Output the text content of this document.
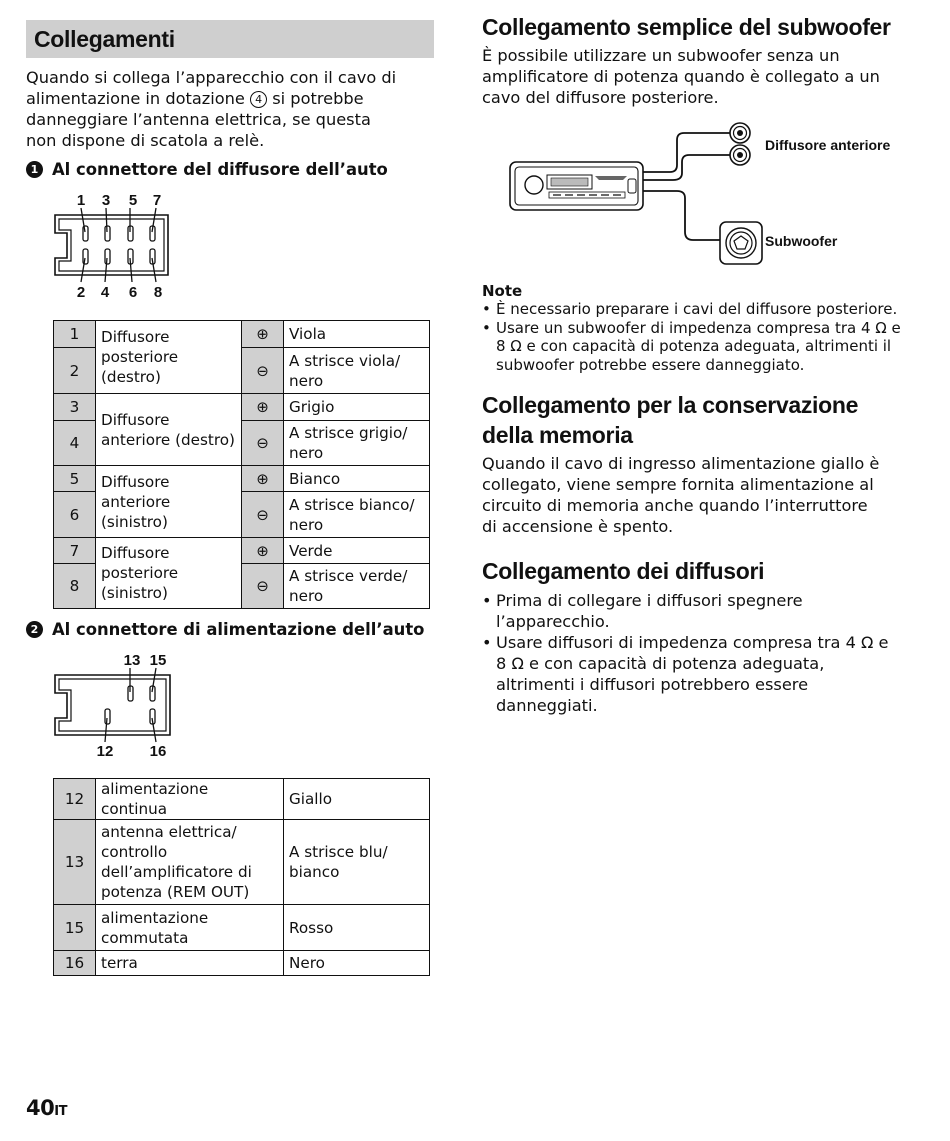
Collegamenti

Quando si collega l’apparecchio con il cavo di alimentazione in dotazione 4 si potrebbe danneggiare l’antenna elettrica, se questa non dispone di scatola a relè.

1 Al connettore del diffusore dell’auto
1 3 5 7
2 4 6 8
1	Diffusore posteriore (destro)	⊕	Viola
2		⊖	A strisce viola/ nero
3	Diffusore anteriore (destro)	⊕	Grigio
4		⊖	A strisce grigio/ nero
5	Diffusore anteriore (sinistro)	⊕	Bianco
6		⊖	A strisce bianco/ nero
7	Diffusore posteriore (sinistro)	⊕	Verde
8		⊖	A strisce verde/ nero
2 Al connettore di alimentazione dell’auto
13 15
12 16
12	alimentazione continua	Giallo
13	antenna elettrica/ controllo dell’amplificatore di potenza (REM OUT)	A strisce blu/ bianco
15	alimentazione commutata	Rosso
16	terra	Nero
Collegamento semplice del subwoofer

È possibile utilizzare un subwoofer senza un amplificatore di potenza quando è collegato a un cavo del diffusore posteriore.

Diffusore anteriore
Subwoofer

Note

• È necessario preparare i cavi del diffusore posteriore.
• Usare un subwoofer di impedenza compresa tra 4 Ω e 8 Ω e con capacità di potenza adeguata, altrimenti il subwoofer potrebbe essere danneggiato.
Collegamento per la conservazione della memoria

Quando il cavo di ingresso alimentazione giallo è collegato, viene sempre fornita alimentazione al circuito di memoria anche quando l’interruttore di accensione è spento.

Collegamento dei diffusori
• Prima di collegare i diffusori spegnere l’apparecchio.
• Usare diffusori di impedenza compresa tra 4 Ω e 8 Ω e con capacità di potenza adeguata, altrimenti i diffusori potrebbero essere danneggiati.
40IT
